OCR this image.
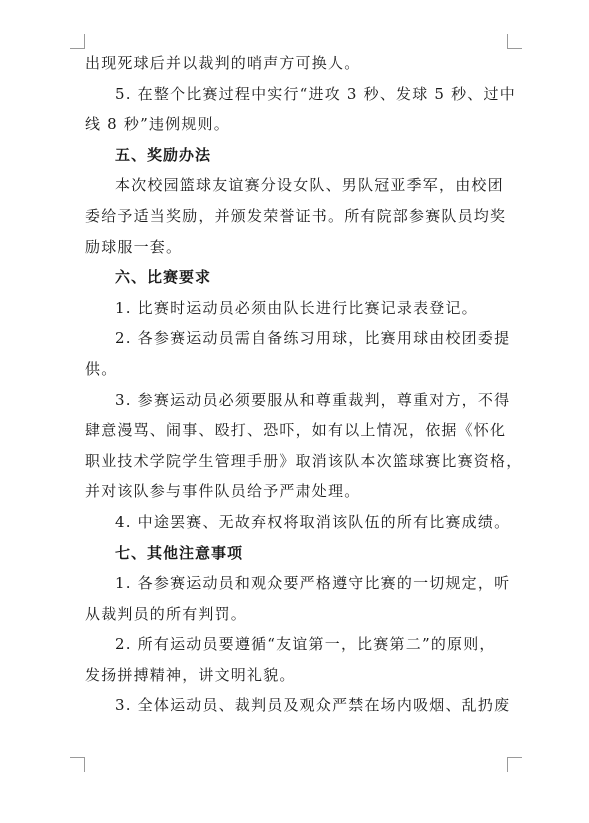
出现死球后并以裁判的哨声方可换人。
5. 在整个比赛过程中实行“进攻 3 秒、发球 5 秒、过中
线 8 秒”违例规则。
五、奖励办法
本次校园篮球友谊赛分设女队、男队冠亚季军，由校团
委给予适当奖励，并颁发荣誉证书。所有院部参赛队员均奖
励球服一套。
六、比赛要求
1. 比赛时运动员必须由队长进行比赛记录表登记。
2. 各参赛运动员需自备练习用球，比赛用球由校团委提
供。
3. 参赛运动员必须要服从和尊重裁判，尊重对方，不得
肆意漫骂、闹事、殴打、恐吓，如有以上情况，依据《怀化
职业技术学院学生管理手册》取消该队本次篮球赛比赛资格，
并对该队参与事件队员给予严肃处理。
4. 中途罢赛、无故弃权将取消该队伍的所有比赛成绩。
七、其他注意事项
1. 各参赛运动员和观众要严格遵守比赛的一切规定，听
从裁判员的所有判罚。
2. 所有运动员要遵循“友谊第一，比赛第二”的原则，
发扬拼搏精神，讲文明礼貌。
3. 全体运动员、裁判员及观众严禁在场内吸烟、乱扔废
